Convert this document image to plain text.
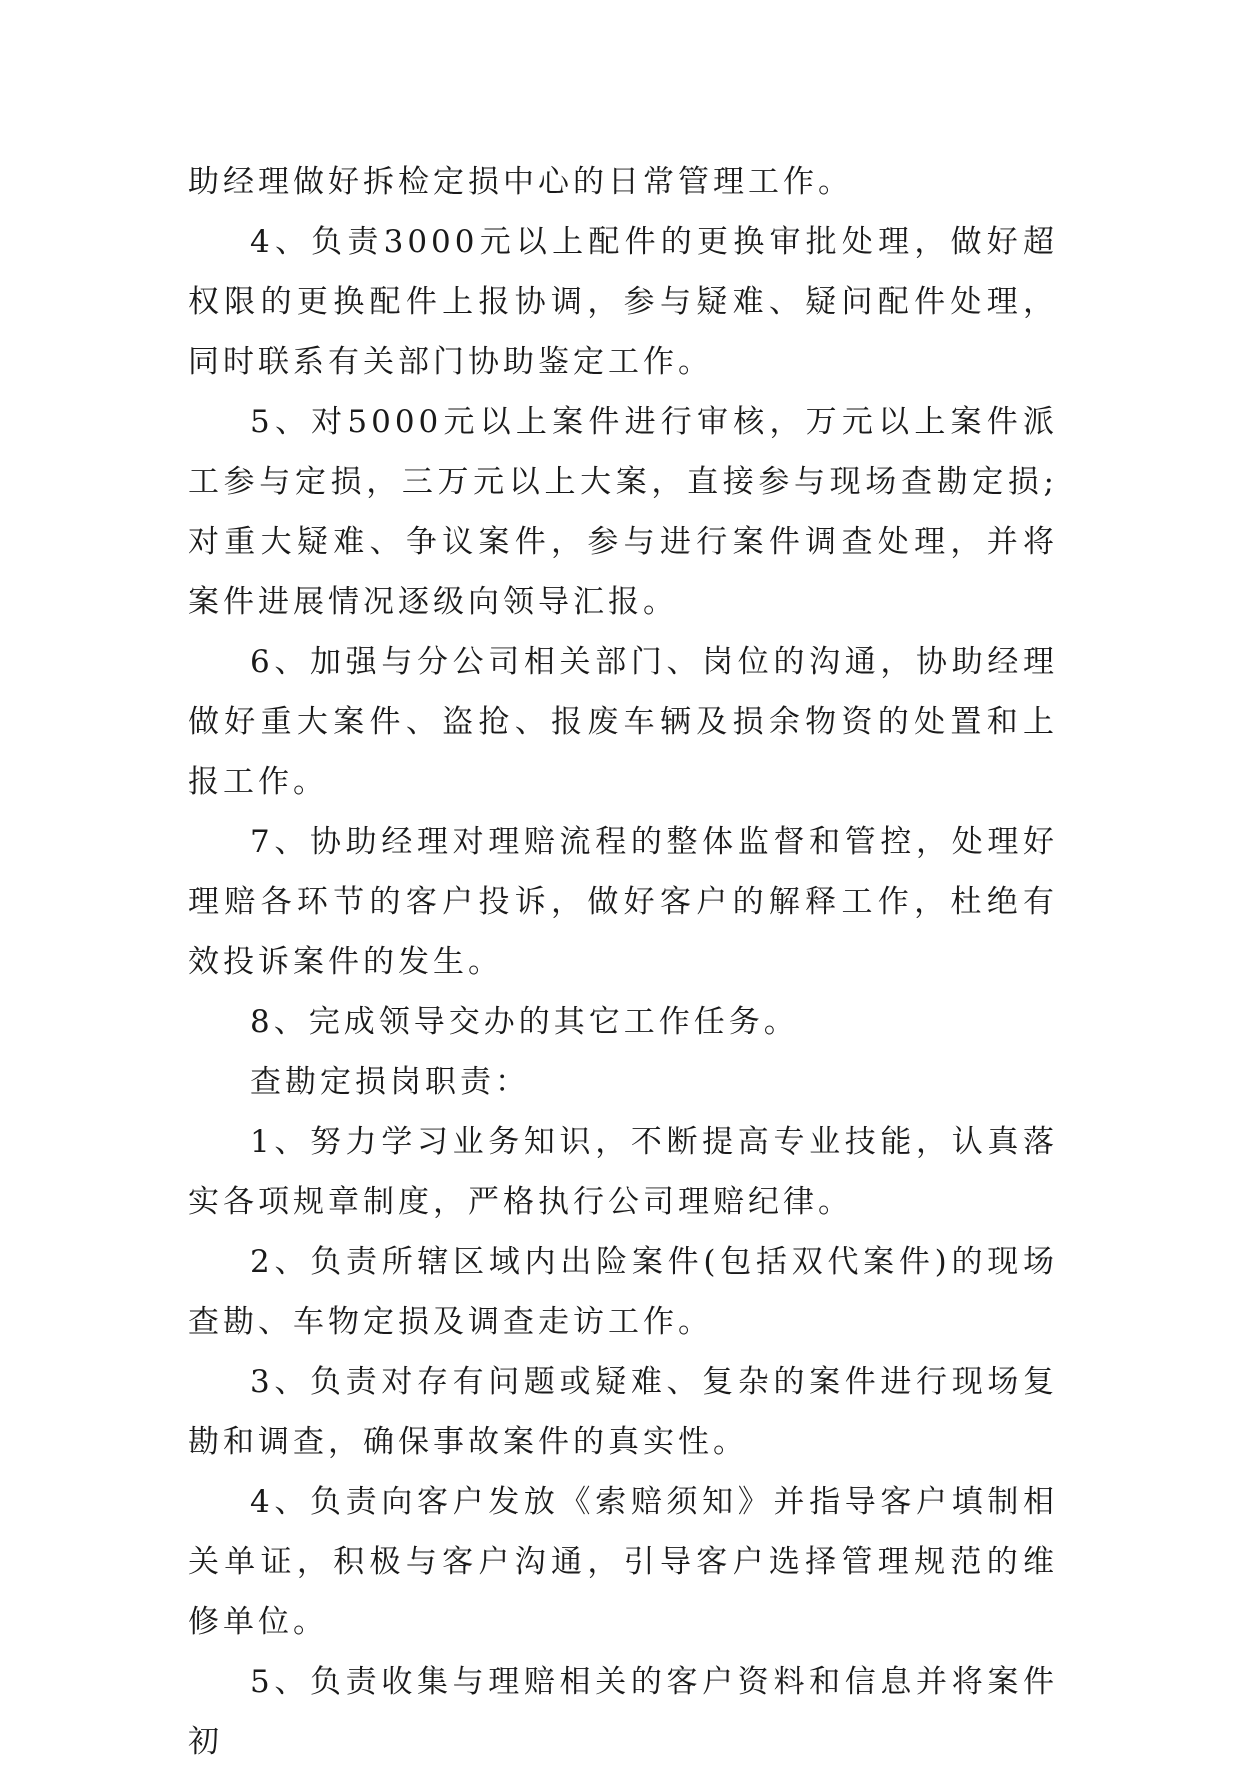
助经理做好拆检定损中心的日常管理工作。

4、负责3000元以上配件的更换审批处理，做好超权限的更换配件上报协调，参与疑难、疑问配件处理，同时联系有关部门协助鉴定工作。

5、对5000元以上案件进行审核，万元以上案件派工参与定损，三万元以上大案，直接参与现场查勘定损;对重大疑难、争议案件，参与进行案件调查处理，并将案件进展情况逐级向领导汇报。

6、加强与分公司相关部门、岗位的沟通，协助经理做好重大案件、盗抢、报废车辆及损余物资的处置和上报工作。

7、协助经理对理赔流程的整体监督和管控，处理好理赔各环节的客户投诉，做好客户的解释工作，杜绝有效投诉案件的发生。

8、完成领导交办的其它工作任务。

查勘定损岗职责：

1、努力学习业务知识，不断提高专业技能，认真落实各项规章制度，严格执行公司理赔纪律。

2、负责所辖区域内出险案件(包括双代案件)的现场查勘、车物定损及调查走访工作。

3、负责对存有问题或疑难、复杂的案件进行现场复勘和调查，确保事故案件的真实性。

4、负责向客户发放《索赔须知》并指导客户填制相关单证，积极与客户沟通，引导客户选择管理规范的维修单位。

5、负责收集与理赔相关的客户资料和信息并将案件初
